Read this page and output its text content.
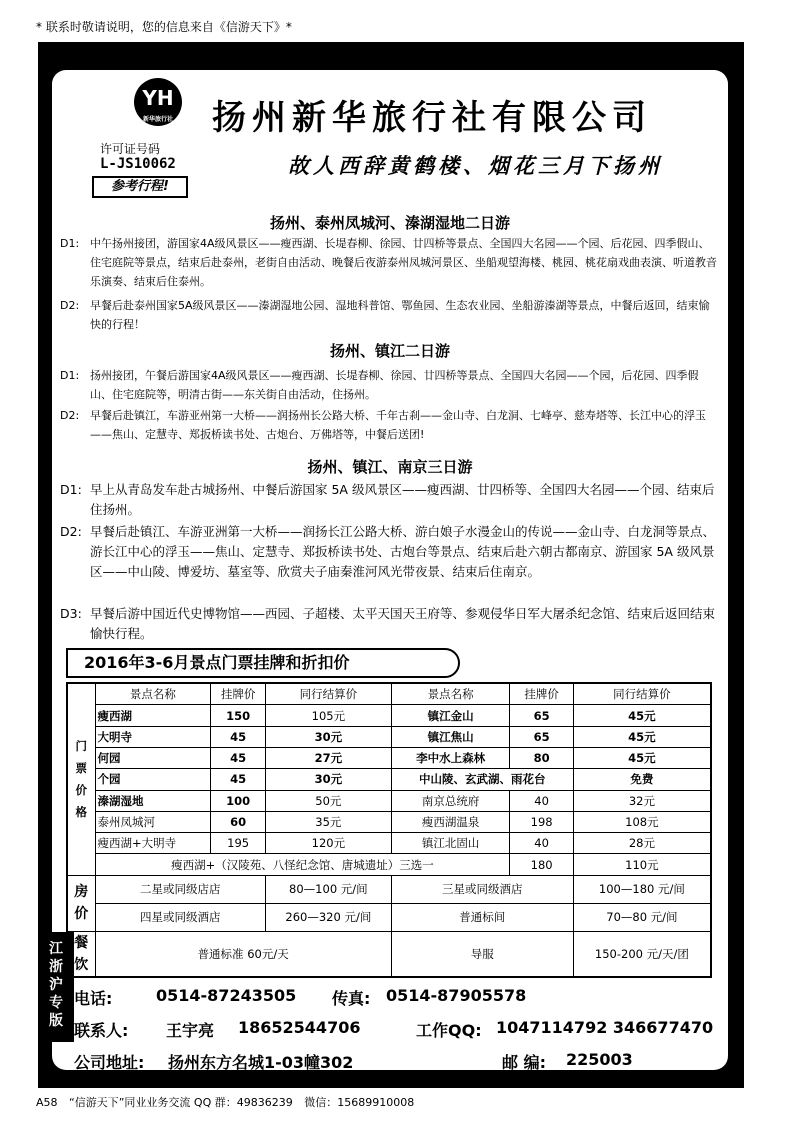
* 联系时敬请说明，您的信息来自《信游天下》*
YH
新华旅行社 扬州新华旅行社有限公司
许可证号码
L-JS10062
参考行程!
故人西辞黄鹤楼、烟花三月下扬州
扬州、泰州凤城河、溱湖湿地二日游
D1: 中午扬州接团，游国家4A级风景区——瘦西湖、长堤春柳、徐园、廿四桥等景点、全国四大名园——个园、后花园、四季假山、住宅庭院等景点，结束后赴泰州，老街自由活动、晚餐后夜游泰州凤城河景区、坐船观望海楼、桃园、桃花扇戏曲表演、听道教音乐演奏、结束后住泰州。
D2: 早餐后赴泰州国家5A级风景区——溱湖湿地公园、湿地科普馆、鄂鱼园、生态农业园、坐船游溱湖等景点，中餐后返回，结束愉快的行程！
扬州、镇江二日游
D1: 扬州接团，午餐后游国家4A级风景区——瘦西湖、长堤春柳、徐园、廿四桥等景点、全国四大名园——个园，后花园、四季假山、住宅庭院等，明清古街——东关街自由活动，住扬州。
D2: 早餐后赴镇江，车游亚州第一大桥——润扬州长公路大桥、千年古刹——金山寺、白龙洞、七峰亭、慈寿塔等、长江中心的浮玉——焦山、定慧寺、郑扳桥读书处、古炮台、万佛塔等，中餐后送团!
扬州、镇江、南京三日游
D1: 早上从青岛发车赴古城扬州、中餐后游国家 5A 级风景区——瘦西湖、廿四桥等、全国四大名园——个园、结束后住扬州。
D2: 早餐后赴镇江、车游亚洲第一大桥——润扬长江公路大桥、游白娘子水漫金山的传说——金山寺、白龙洞等景点、游长江中心的浮玉——焦山、定慧寺、郑扳桥读书处、古炮台等景点、结束后赴六朝古都南京、游国家 5A 级风景区——中山陵、博爱坊、墓室等、欣赏夫子庙秦淮河风光带夜景、结束后住南京。
D3: 早餐后游中国近代史博物馆——西园、子超楼、太平天国天王府等、参观侵华日军大屠杀纪念馆、结束后返回结束愉快行程。
2016年3-6月景点门票挂牌和折扣价
门票价格	景点名称	挂牌价	同行结算价	景点名称	挂牌价	同行结算价
	瘦西湖	150	105元	镇江金山	65	45元
	大明寺	45	30元	镇江焦山	65	45元
	何园	45	27元	李中水上森林	80	45元
	个园	45	30元	中山陵、玄武湖、雨花台		免费
	溱湖湿地	100	50元	南京总统府	40	32元
	泰州凤城河	60	35元	瘦西湖温泉	198	108元
	瘦西湖+大明寺	195	120元	镇江北固山	40	28元
	瘦西湖+（汉陵苑、八怪纪念馆、唐城遗址）三选一				180	110元
房价	二星或同级店店		80—100 元/间	三星或同级酒店		100—180 元/间
	四星或同级酒店		260—320 元/间	普通标间		70—80 元/间
餐饮	普通标准 60元/天			导服		150-200 元/天/团
电话:	0514-87243505 传真: 0514-87905578
联系人: 王宇亮 18652544706	工作QQ: 1047114792 346677470
公司地址: 扬州东方名城1-03幢302	邮 编: 225003
江
浙
沪
专
版
A58 “信游天下”同业业务交流 QQ 群：49836239 微信：15689910008
